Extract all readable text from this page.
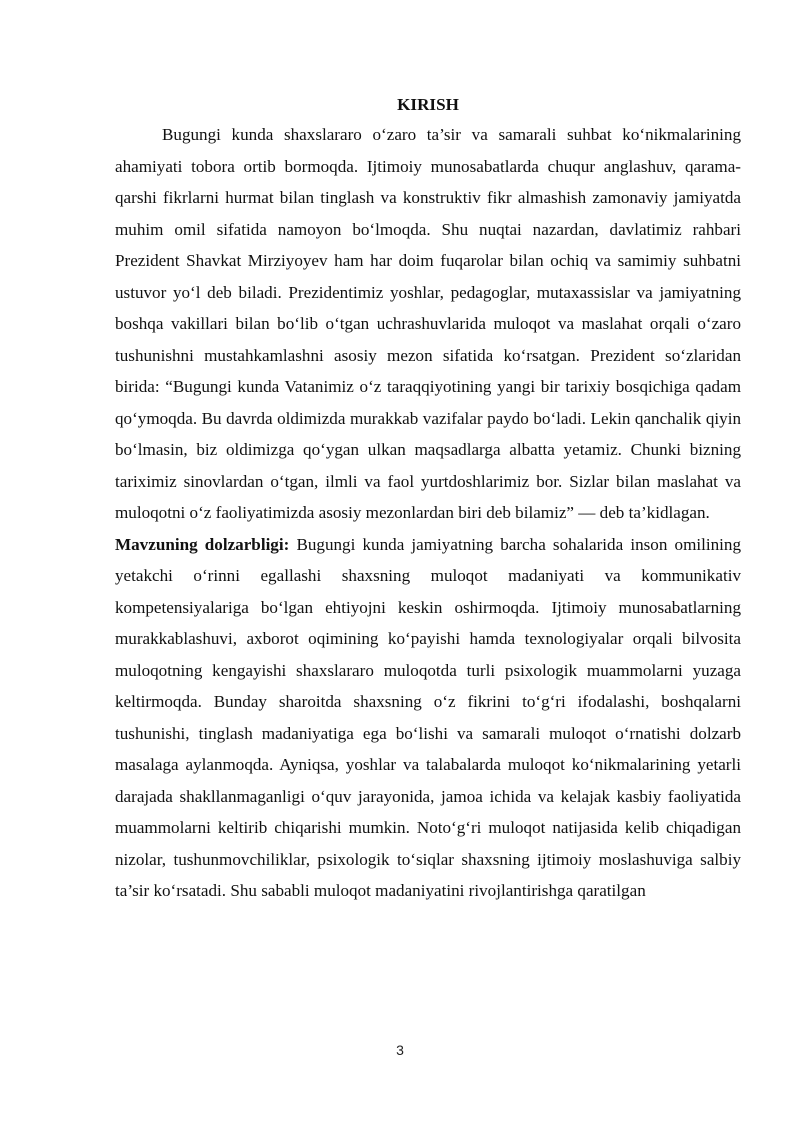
KIRISH

Bugungi kunda shaxslararo o‘zaro ta’sir va samarali suhbat ko‘nikmalarining ahamiyati tobora ortib bormoqda. Ijtimoiy munosabatlarda chuqur anglashuv, qarama-qarshi fikrlarni hurmat bilan tinglash va konstruktiv fikr almashish zamonaviy jamiyatda muhim omil sifatida namoyon bo‘lmoqda. Shu nuqtai nazardan, davlatimiz rahbari Prezident Shavkat Mirziyoyev ham har doim fuqarolar bilan ochiq va samimiy suhbatni ustuvor yo‘l deb biladi. Prezidentimiz yoshlar, pedagoglar, mutaxassislar va jamiyatning boshqa vakillari bilan bo‘lib o‘tgan uchrashuvlarida muloqot va maslahat orqali o‘zaro tushunishni mustahkamlashni asosiy mezon sifatida ko‘rsatgan. Prezident so‘zlaridan birida: “Bugungi kunda Vatanimiz o‘z taraqqiyotining yangi bir tarixiy bosqichiga qadam qo‘ymoqda. Bu davrda oldimizda murakkab vazifalar paydo bo‘ladi. Lekin qanchalik qiyin bo‘lmasin, biz oldimizga qo‘ygan ulkan maqsadlarga albatta yetamiz. Chunki bizning tariximiz sinovlardan o‘tgan, ilmli va faol yurtdoshlarimiz bor. Sizlar bilan maslahat va muloqotni o‘z faoliyatimizda asosiy mezonlardan biri deb bilamiz” — deb ta’kidlagan.

Mavzuning dolzarbligi: Bugungi kunda jamiyatning barcha sohalarida inson omilining yetakchi o‘rinni egallashi shaxsning muloqot madaniyati va kommunikativ kompetensiyalariga bo‘lgan ehtiyojni keskin oshirmoqda. Ijtimoiy munosabatlarning murakkablashuvi, axborot oqimining ko‘payishi hamda texnologiyalar orqali bilvosita muloqotning kengayishi shaxslararo muloqotda turli psixologik muammolarni yuzaga keltirmoqda. Bunday sharoitda shaxsning o‘z fikrini to‘g‘ri ifodalashi, boshqalarni tushunishi, tinglash madaniyatiga ega bo‘lishi va samarali muloqot o‘rnatishi dolzarb masalaga aylanmoqda. Ayniqsa, yoshlar va talabalarda muloqot ko‘nikmalarining yetarli darajada shakllanmaganligi o‘quv jarayonida, jamoa ichida va kelajak kasbiy faoliyatida muammolarni keltirib chiqarishi mumkin. Noto‘g‘ri muloqot natijasida kelib chiqadigan nizolar, tushunmovchiliklar, psixologik to‘siqlar shaxsning ijtimoiy moslashuviga salbiy ta’sir ko‘rsatadi. Shu sababli muloqot madaniyatini rivojlantirishga qaratilgan

3
